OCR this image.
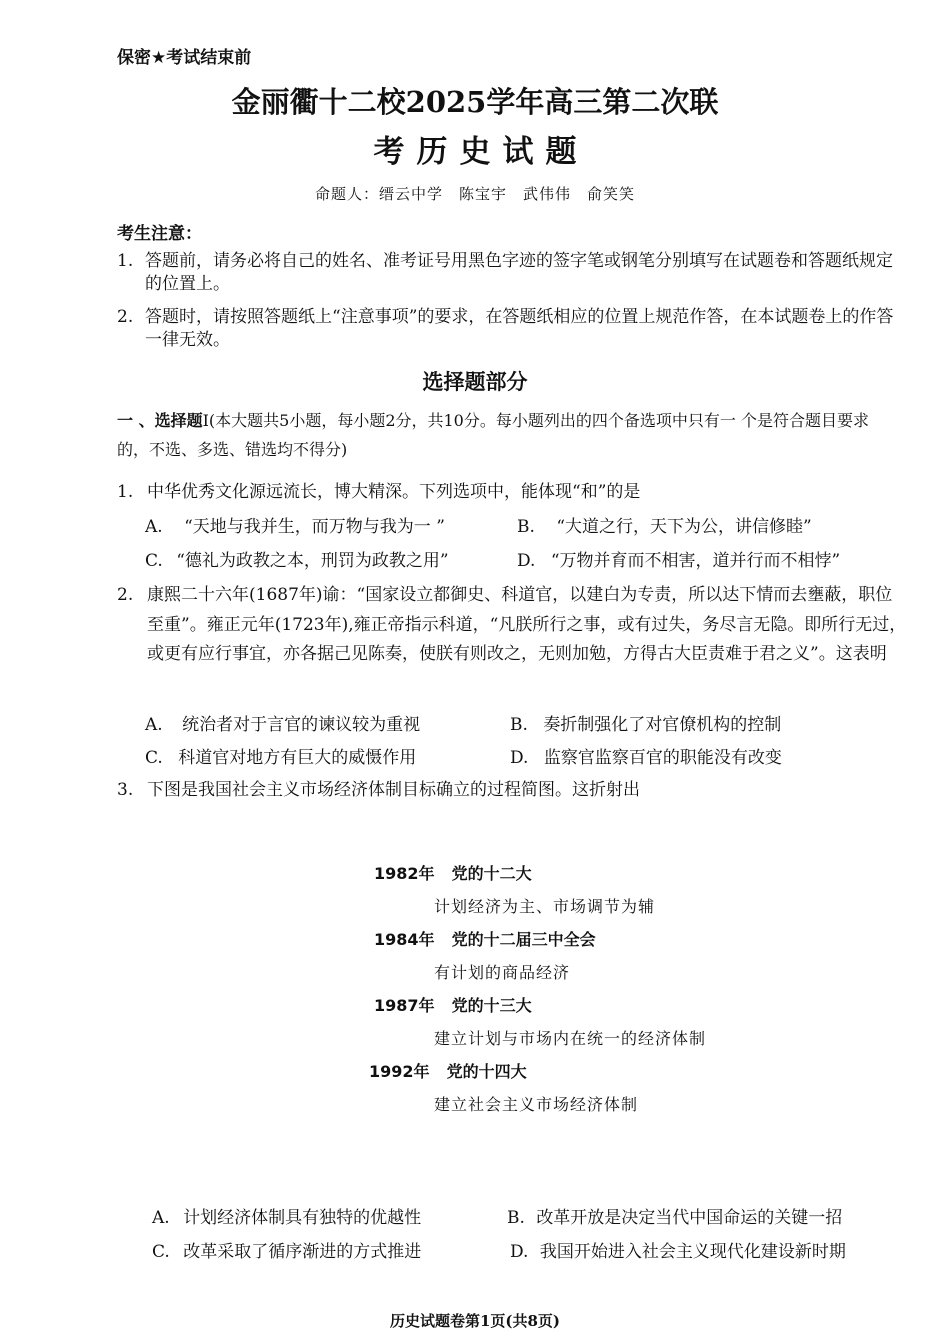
保密★考试结束前
金丽衢十二校2025学年高三第二次联
考历史试题
命题人：缙云中学　陈宝宇　武伟伟　俞笑笑
考生注意：
1. 答题前，请务必将自己的姓名、准考证号用黑色字迹的签字笔或钢笔分别填写在试题卷和答题纸规定的位置上。
2. 答题时，请按照答题纸上“注意事项”的要求，在答题纸相应的位置上规范作答，在本试题卷上的作答一律无效。
选择题部分
一 、选择题Ⅰ(本大题共5小题，每小题2分，共10分。每小题列出的四个备选项中只有一 个是符合题目要求的，不选、多选、错选均不得分)
1. 中华优秀文化源远流长，博大精深。下列选项中，能体现“和”的是
A. “天地与我并生，而万物与我为一 ”	B. “大道之行，天下为公，讲信修睦”
C. “德礼为政教之本，刑罚为政教之用”	D. “万物并育而不相害，道并行而不相悖”
2. 康熙二十六年(1687年)谕：“国家设立都御史、科道官，以建白为专责，所以达下情而去壅蔽，职位至重”。雍正元年(1723年),雍正帝指示科道，“凡朕所行之事，或有过失，务尽言无隐。即所行无过，或更有应行事宜，亦各据己见陈奏，使朕有则改之，无则加勉，方得古大臣责难于君之义”。这表明
A. 统治者对于言官的谏议较为重视	B. 奏折制强化了对官僚机构的控制
C. 科道官对地方有巨大的威慑作用	D. 监察官监察百官的职能没有改变
3. 下图是我国社会主义市场经济体制目标确立的过程简图。这折射出
1982年 党的十二大
计划经济为主、市场调节为辅
1984年 党的十二届三中全会
有计划的商品经济
1987年 党的十三大
建立计划与市场内在统一的经济体制
1992年 党的十四大
建立社会主义市场经济体制
A. 计划经济体制具有独特的优越性	B. 改革开放是决定当代中国命运的关键一招
C. 改革采取了循序渐进的方式推进	D. 我国开始进入社会主义现代化建设新时期
历史试题卷第1页(共8页)
